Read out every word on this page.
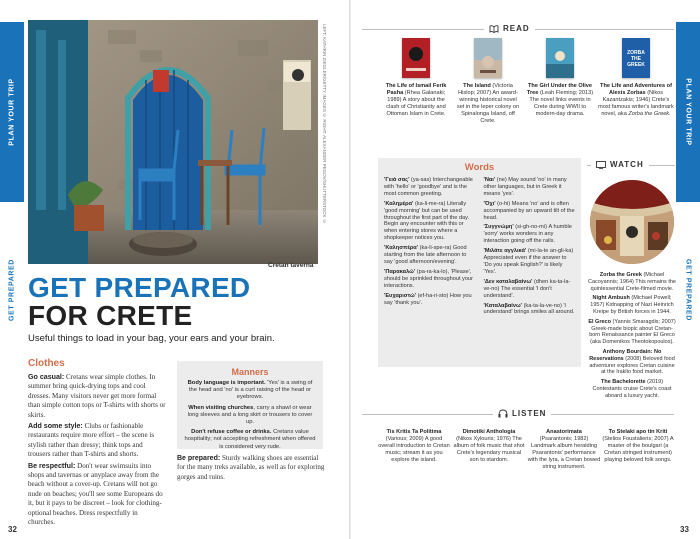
PLAN YOUR TRIP
GET PREPARED
PLAN YOUR TRIP
GET PREPARED
LEFT: KATHRIN ZIEGLER/GETTY IMAGES © RIGHT: ALEXANDER PEGOV/SHUTTERSTOCK ©
Cretan taverna
GET PREPARED
FOR CRETE
Useful things to load in your bag, your ears and your brain.
Clothes

Go casual: Cretans wear simple clothes. In summer bring quick-drying tops and cool dresses. Many visitors never get more formal than simple cotton tops or T-shirts with shorts or skirts.

Add some style: Clubs or fashionable restaurants require more effort – the scene is stylish rather than dressy; think tops and trousers rather than T-shirts and shorts.

Be respectful: Don't wear swimsuits into shops and tavernas or anyplace away from the beach without a cover-up. Cretans will not go nude on beaches; you'll see some Europeans do it, but it pays to be discreet – look for clothing-optional beaches. Dress respectfully in churches.

Manners

Body language is important. 'Yes' is a swing of the head and 'no' is a curt raising of the head or eyebrows.

When visiting churches, carry a shawl or wear long sleeves and a long skirt or trousers to cover up.

Don't refuse coffee or drinks. Cretans value hospitality; not accepting refreshment when offered is considered very rude.

Be prepared: Sturdy walking shoes are essential for the many treks available, as well as for exploring gorges and ruins.

32	33
READ
The Life of Ismail Ferik Pasha (Rhea Galanaki; 1989) A story about the clash of Christianity and Ottoman Islam in Crete.
The Island (Victoria Hislop; 2007) An award-winning historical novel set in the leper colony on Spinalonga Island, off Crete.
The Girl Under the Olive Tree (Leah Fleming; 2013) The novel links events in Crete during WWII to modern-day drama.
ZORBA THE GREEK
The Life and Adventures of Alexis Zorbas (Nikos Kazantzakis; 1946) Crete's most famous writer's landmark novel, aka Zorba the Greek.
Words

'Γειά σας' (ya-sas) Interchangeable with 'hello' or 'goodbye' and is the most common greeting.

'Καλημέρα' (ka-li-me-ra) Literally 'good morning' but can be used throughout the first part of the day. Begin any encounter with this or when entering stores where a shopkeeper notices you.

'Καλησπέρα' (ka-li-spe-ra) Good starting from the late afternoon to say 'good afternoon/evening'.

'Παρακαλώ' (pa-ra-ka-lo), 'Please', should be sprinkled throughout your interactions.

'Ευχαριστώ' (ef-ha-ri-sto) How you say 'thank you'.

'Ναι' (ne) May sound 'no' in many other languages, but in Greek it means 'yes'.

'Όχι' (o-hi) Means 'no' and is often accompanied by an upward tilt of the head.

'Συγγνώμη' (si-gh-no-mi) A humble 'sorry' works wonders in any interaction going off the rails.

'Μιλάτε αγγλικά' (mi-la-te an-gli-ka) Appreciated even if the answer to 'Do you speak English?' is likely 'Yes'.

'Δεν καταλαβαίνω' (dhen ka-ta-la-ve-no) The essential 'I don't understand'.

'Καταλαβαίνω' (ka-ta-la-ve-no) 'I understand' brings smiles all around.

WATCH

Zorba the Greek (Michael Cacoyannis; 1964) This remains the quintessential Crete-filmed movie.

Night Ambush (Michael Powell; 1957) Kidnapping of Nazi Heinrich Kreipe by British forces in 1944.

El Greco (Yannis Smaragdis; 2007) Greek-made biopic about Cretan-born Renaissance painter El Greco (aka Domenikos Theotokopoulos).

Anthony Bourdain: No Reservations (2008) Beloved food adventurer explores Cretan cuisine at the Iraklio food market.

The Bachelorette (2019) Contestants cruise Crete's coast aboard a luxury yacht.

LISTEN

Tis Kritis Ta Politima
(Various; 2009) A good overall introduction to Cretan music; stream it as you explore the island.

Dimotiki Anthologia
(Nikos Xylouris; 1976) The album of folk music that shot Crete's legendary musical son to stardom.

Anastorimata
(Psarantonis; 1982) Landmark album heralding Psarantonis' performance with the lyra, a Cretan bowed string instrument.

To Stelaki apo tin Kriti
(Stelios Foustalieris; 2007) A master of the boulgari (a Cretan stringed instrument) playing beloved folk songs.
